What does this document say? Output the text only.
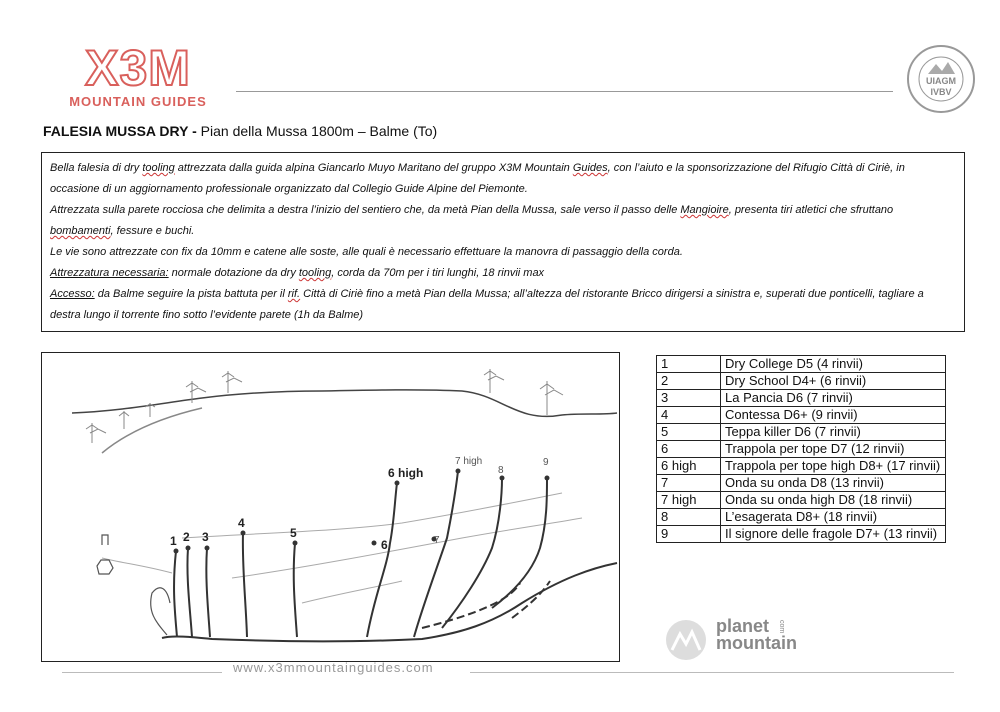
X3M
MOUNTAIN GUIDES
UIAGM
IVBV
FALESIA MUSSA DRY - Pian della Mussa 1800m – Balme (To)

Bella falesia di dry tooling attrezzata dalla guida alpina Giancarlo Muyo Maritano del gruppo X3M Mountain Guides, con l’aiuto e la sponsorizzazione del Rifugio Città di Ciriè, in occasione di un aggiornamento professionale organizzato dal Collegio Guide Alpine del Piemonte.

Attrezzata sulla parete rocciosa che delimita a destra l’inizio del sentiero che, da metà Pian della Mussa, sale verso il passo delle Mangioire, presenta tiri atletici che sfruttano bombamenti, fessure e buchi.

Le vie sono attrezzate con fix da 10mm e catene alle soste, alle quali è necessario effettuare la manovra di passaggio della corda.

Attrezzatura necessaria: normale dotazione da dry tooling, corda da 70m per i tiri lunghi, 18 rinvii max

Accesso: da Balme seguire la pista battuta per il rif. Città di Ciriè fino a metà Pian della Mussa; all’altezza del ristorante Bricco dirigersi a sinistra e, superati due ponticelli, tagliare a destra lungo il torrente fino sotto l’evidente parete (1h da Balme)

1 2 3
4
5
6
6 high
7
7 high
8
9
1	Dry College D5 (4 rinvii)
2	Dry School D4+ (6 rinvii)
3	La Pancia D6 (7 rinvii)
4	Contessa D6+ (9 rinvii)
5	Teppa killer D6 (7 rinvii)
6	Trappola per tope D7 (12 rinvii)
6 high	Trappola per tope high D8+ (17 rinvii)
7	Onda su onda D8 (13 rinvii)
7 high	Onda su onda high D8 (18 rinvii)
8	L’esagerata D8+ (18 rinvii)
9	Il signore delle fragole D7+ (13 rinvii)
planet
mountain
com
www.x3mmountainguides.com
